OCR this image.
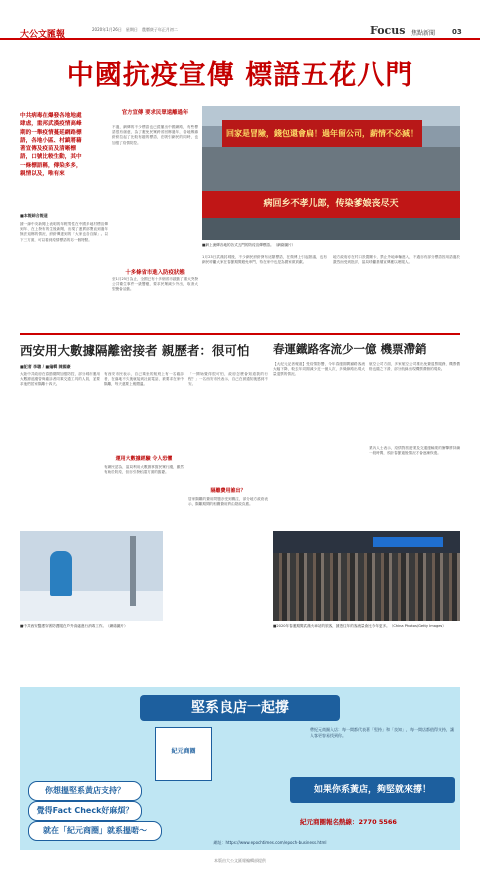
大公文匯報
2020年1月26日　星期日　農曆庚子年正月初二	Focus 焦點新聞 03
中國抗疫宣傳 標語五花八門
中共病毒在爆發各地地處肆虐，重邦武漢疫情高峰期的一舉疫情蔓延網路標語，各地小區、村鎮將藉著宣傳及疫苗及清晰標語，口號比較生動，其中一條標語稱，傳染多多，親情以及，唯有來
■本報綜合報道
據一線中央新聞上表明的年輕男性在中國多地村標宣傳到年、在上發布的生後新聞，出現了連貫部署直到過年無法返鄉的情況，紛紛傳達到的「大家也各自歸」。以下三方面，可以看到疫情標語的另一個特點。
官方宣傳 要求民眾遠離過年
不過，網傳的不少標語也已經撤出中國網路，有些標語很有創意，為了避免民眾跨省回鄉過年，各地鄉鎮紛紛拉起了比較有趣的標語，在吸引網民的同時，也加強了疫情防控。
十多條省市進入防疫狀態
至1月25日為止，全國已有十多個省市啟動了重大突發公共衛生事件一級響應，要求民眾減少外出，取消大型聚會活動。
回家是冒險，錢包還會扁！過年留公司，薪情不必減！
病回乡不孝儿郎，传染爹娘丧尽天
■網上流傳各地的各式五門的防疫宣傳標語。（網絡圖片）
1月23日武漢封城後，不少網民紛紛發布這類標語，在微博上引起熱議，也有網民呼籲大家在春節期間避免串門，待在家中也是為國家做貢獻。
地方政府亦在村口設置關卡，禁止外地車輛進入，不過亦有部分標語因用語過於激烈而受到批評，當局呼籲基層宣傳應以理服人。
西安用大數據隔離密接者 親歷者：很可怕
■記者 李聰 / ■編輯 陳國豪
大陸中共政府在春節期間加強防控，部分城市運用大數據追蹤曾與確診者同乘交通工具的人員，並要求他們居家隔離十四天。
有西安市民表示，自己乘坐的航班上有一名確診者，在落地不久後就接到社區電話，被要求在家中隔離，每天還要上報體溫。
運用大數據經驗 令人恐懼
有網民認為，當局利用大數據掌握民眾行蹤，雖然有助於防疫，但亦引發私隱方面的擔憂。
「一開始覺得很可怕，政府怎麼會知道我的行程？」一名西安市民表示，自己在被通知後感到不安。
隔離費用誰出？
居家隔離的費用問題亦受到關注，部分地方政府表示，隔離期間的相關費用將由財政負擔。
■中共西安醫護穿著防護服在戶外高處進行消毒工作。（網絡圖片）
春運鐵路客流少一億 機票滯銷
【大紀元記者報道】受疫情影響，今年春運期間鐵路客流大幅下降，較去年同期減少近一億人次，多條線路出現大量退票的情況。
航空公司方面，多家航空公司推出免費退票服務，機票價格也隨之下滑，部分航線出現機票滯銷的現象。
業內人士表示，疫情對旅遊業及交通運輸業的衝擊將持續一段時間，預計春節過後情況才會逐漸恢復。
■2020年春運期間武漢火車站的旅客，據悉往年的客流量會比今年更多。（China Photos/Getty Images）
堅系良店一起撐
紀元商圈
你想搵堅系黃店支持？
覺得Fact Check好麻煩？
就在「紀元商圈」就系搵啱～
帶紀元商圈入店：每一間都代表著「堅持」和「良知」，每一間店都值得支持，讓人客更容易找到你。
如果你系黃店，夠堅就來撐！
紀元商圈報名熱線：2770 5566
網址：https://www.epochtimes.com/epoch-business.html
本版由大公文匯報編輯部提供
